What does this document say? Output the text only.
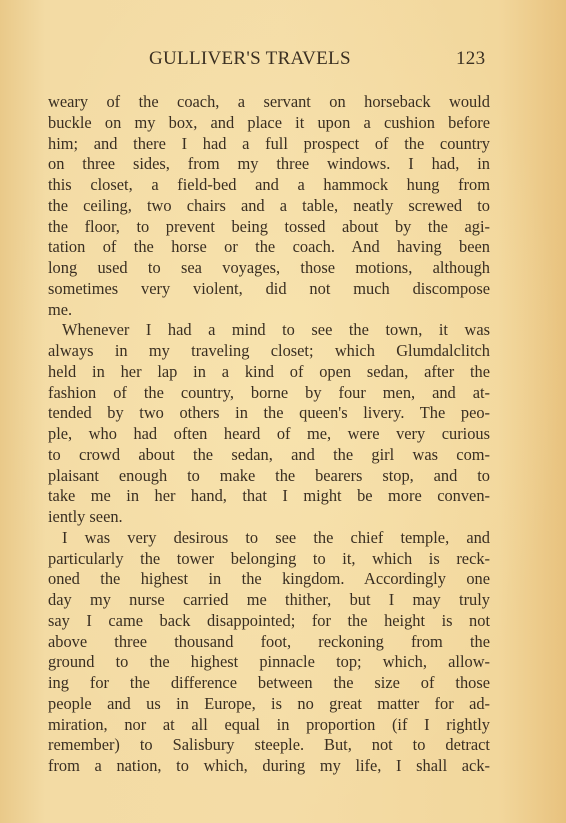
GULLIVER'S TRAVELS	123
weary of the coach, a servant on horseback would
buckle on my box, and place it upon a cushion before
him; and there I had a full prospect of the country
on three sides, from my three windows. I had, in
this closet, a field-bed and a hammock hung from
the ceiling, two chairs and a table, neatly screwed to
the floor, to prevent being tossed about by the agi-
tation of the horse or the coach. And having been
long used to sea voyages, those motions, although
sometimes very violent, did not much discompose
me.
Whenever I had a mind to see the town, it was
always in my traveling closet; which Glumdalclitch
held in her lap in a kind of open sedan, after the
fashion of the country, borne by four men, and at-
tended by two others in the queen's livery. The peo-
ple, who had often heard of me, were very curious
to crowd about the sedan, and the girl was com-
plaisant enough to make the bearers stop, and to
take me in her hand, that I might be more conven-
iently seen.
I was very desirous to see the chief temple, and
particularly the tower belonging to it, which is reck-
oned the highest in the kingdom. Accordingly one
day my nurse carried me thither, but I may truly
say I came back disappointed; for the height is not
above three thousand foot, reckoning from the
ground to the highest pinnacle top; which, allow-
ing for the difference between the size of those
people and us in Europe, is no great matter for ad-
miration, nor at all equal in proportion (if I rightly
remember) to Salisbury steeple. But, not to detract
from a nation, to which, during my life, I shall ack-
